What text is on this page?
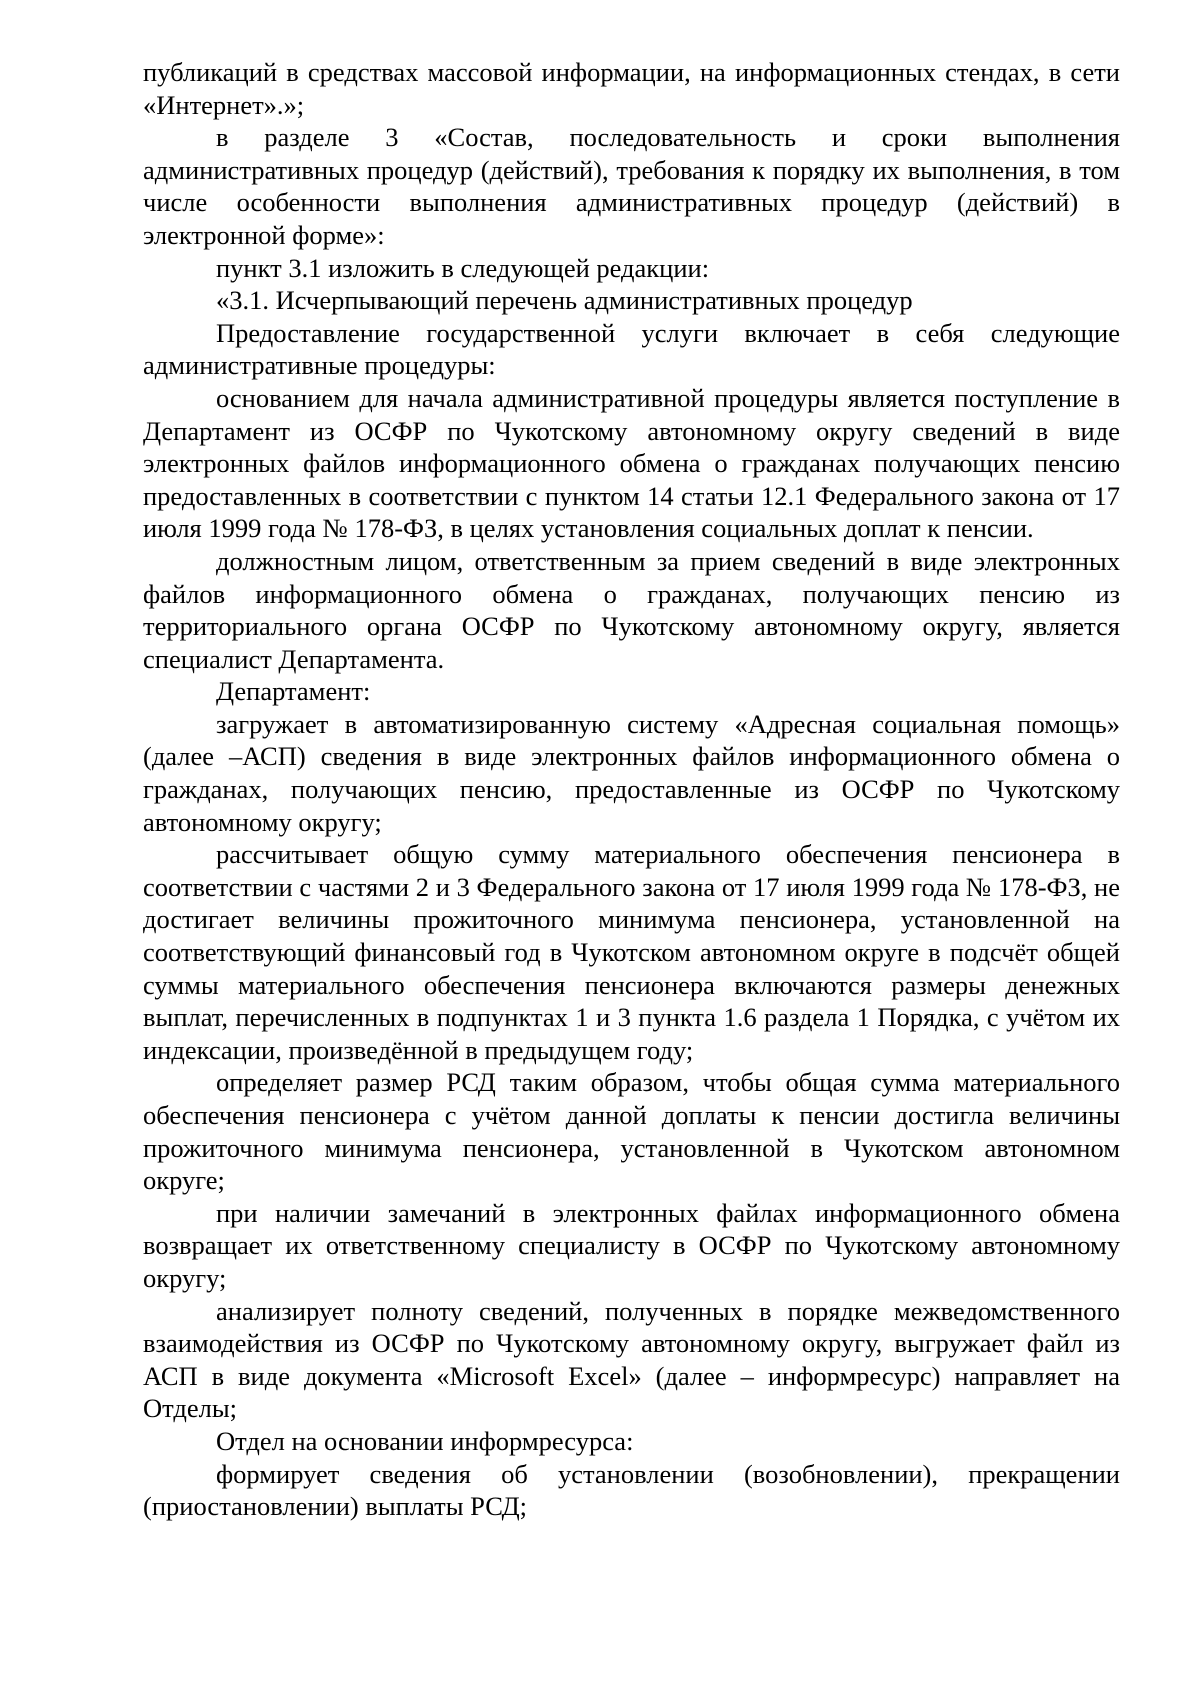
публикаций в средствах массовой информации, на информационных стендах, в сети «Интернет».»;

в разделе 3 «Состав, последовательность и сроки выполнения административных процедур (действий), требования к порядку их выполнения, в том числе особенности выполнения административных процедур (действий) в электронной форме»:

пункт 3.1 изложить в следующей редакции:

«3.1. Исчерпывающий перечень административных процедур

Предоставление государственной услуги включает в себя следующие административные процедуры:

основанием для начала административной процедуры является поступление в Департамент из ОСФР по Чукотскому автономному округу сведений в виде электронных файлов информационного обмена о гражданах получающих пенсию предоставленных в соответствии с пунктом 14 статьи 12.1 Федерального закона от 17 июля 1999 года № 178-ФЗ, в целях установления социальных доплат к пенсии.

должностным лицом, ответственным за прием сведений в виде электронных файлов информационного обмена о гражданах, получающих пенсию из территориального органа ОСФР по Чукотскому автономному округу, является специалист Департамента.

Департамент:

загружает в автоматизированную систему «Адресная социальная помощь» (далее –АСП) сведения в виде электронных файлов информационного обмена о гражданах, получающих пенсию, предоставленные из ОСФР по Чукотскому автономному округу;

рассчитывает общую сумму материального обеспечения пенсионера в соответствии с частями 2 и 3 Федерального закона от 17 июля 1999 года № 178-ФЗ, не достигает величины прожиточного минимума пенсионера, установленной на соответствующий финансовый год в Чукотском автономном округе в подсчёт общей суммы материального обеспечения пенсионера включаются размеры денежных выплат, перечисленных в подпунктах 1 и 3 пункта 1.6 раздела 1 Порядка, с учётом их индексации, произведённой в предыдущем году;

определяет размер РСД таким образом, чтобы общая сумма материального обеспечения пенсионера с учётом данной доплаты к пенсии достигла величины прожиточного минимума пенсионера, установленной в Чукотском автономном округе;

при наличии замечаний в электронных файлах информационного обмена возвращает их ответственному специалисту в ОСФР по Чукотскому автономному округу;

анализирует полноту сведений, полученных в порядке межведомственного взаимодействия из ОСФР по Чукотскому автономному округу, выгружает файл из АСП в виде документа «Microsoft Excel» (далее – информресурс) направляет на Отделы;

Отдел на основании информресурса:

формирует сведения об установлении (возобновлении), прекращении (приостановлении) выплаты РСД;
